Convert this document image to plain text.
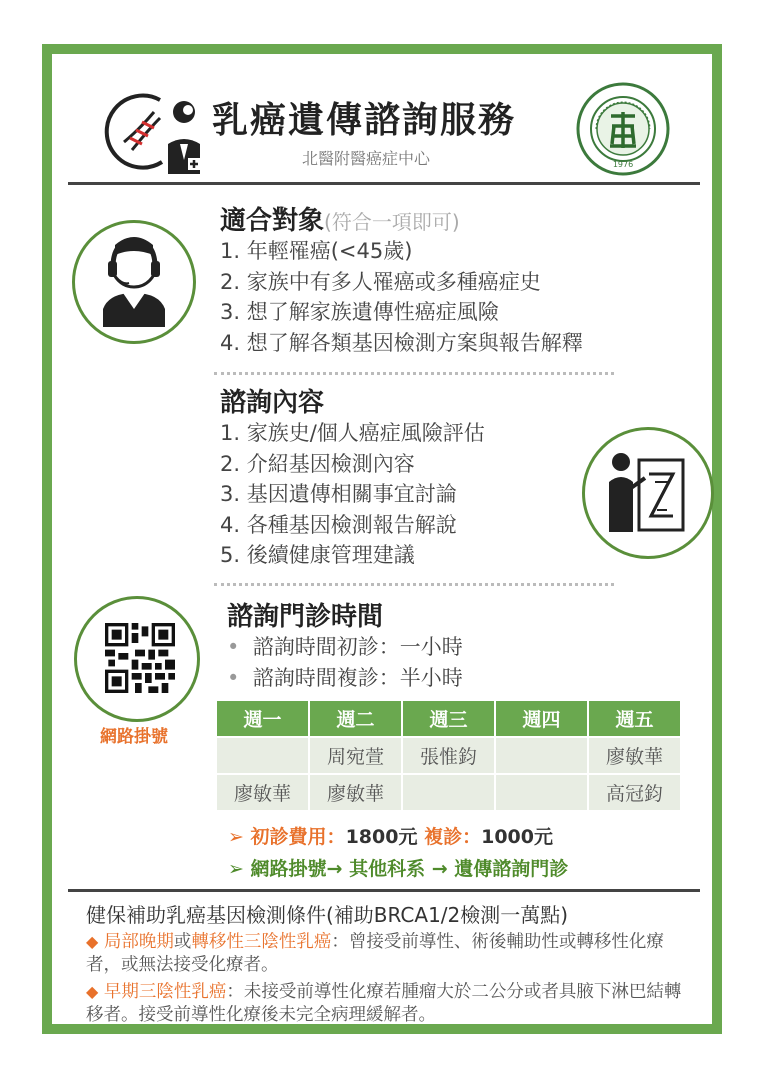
乳癌遺傳諮詢服務
北醫附醫癌症中心	1976
適合對象(符合一項即可)
1. 年輕罹癌(<45歲)
2. 家族中有多人罹癌或多種癌症史
3. 想了解家族遺傳性癌症風險
4. 想了解各類基因檢測方案與報告解釋
諮詢內容
1. 家族史/個人癌症風險評估
2. 介紹基因檢測內容
3. 基因遺傳相關事宜討論
4. 各種基因檢測報告解說
5. 後續健康管理建議
諮詢門診時間
•  諮詢時間初診：一小時
•  諮詢時間複診：半小時
網路掛號
週一	週二	週三	週四	週五
	周宛萱	張惟鈞		廖敏華
廖敏華	廖敏華			高冠鈞
➢ 初診費用：1800元 複診：1000元
➢ 網路掛號→ 其他科系 → 遺傳諮詢門診
健保補助乳癌基因檢測條件(補助BRCA1/2檢測一萬點)
◆ 局部晚期或轉移性三陰性乳癌：曾接受前導性、術後輔助性或轉移性化療者，或無法接受化療者。
◆ 早期三陰性乳癌：未接受前導性化療若腫瘤大於二公分或者具腋下淋巴結轉移者。接受前導性化療後未完全病理緩解者。
